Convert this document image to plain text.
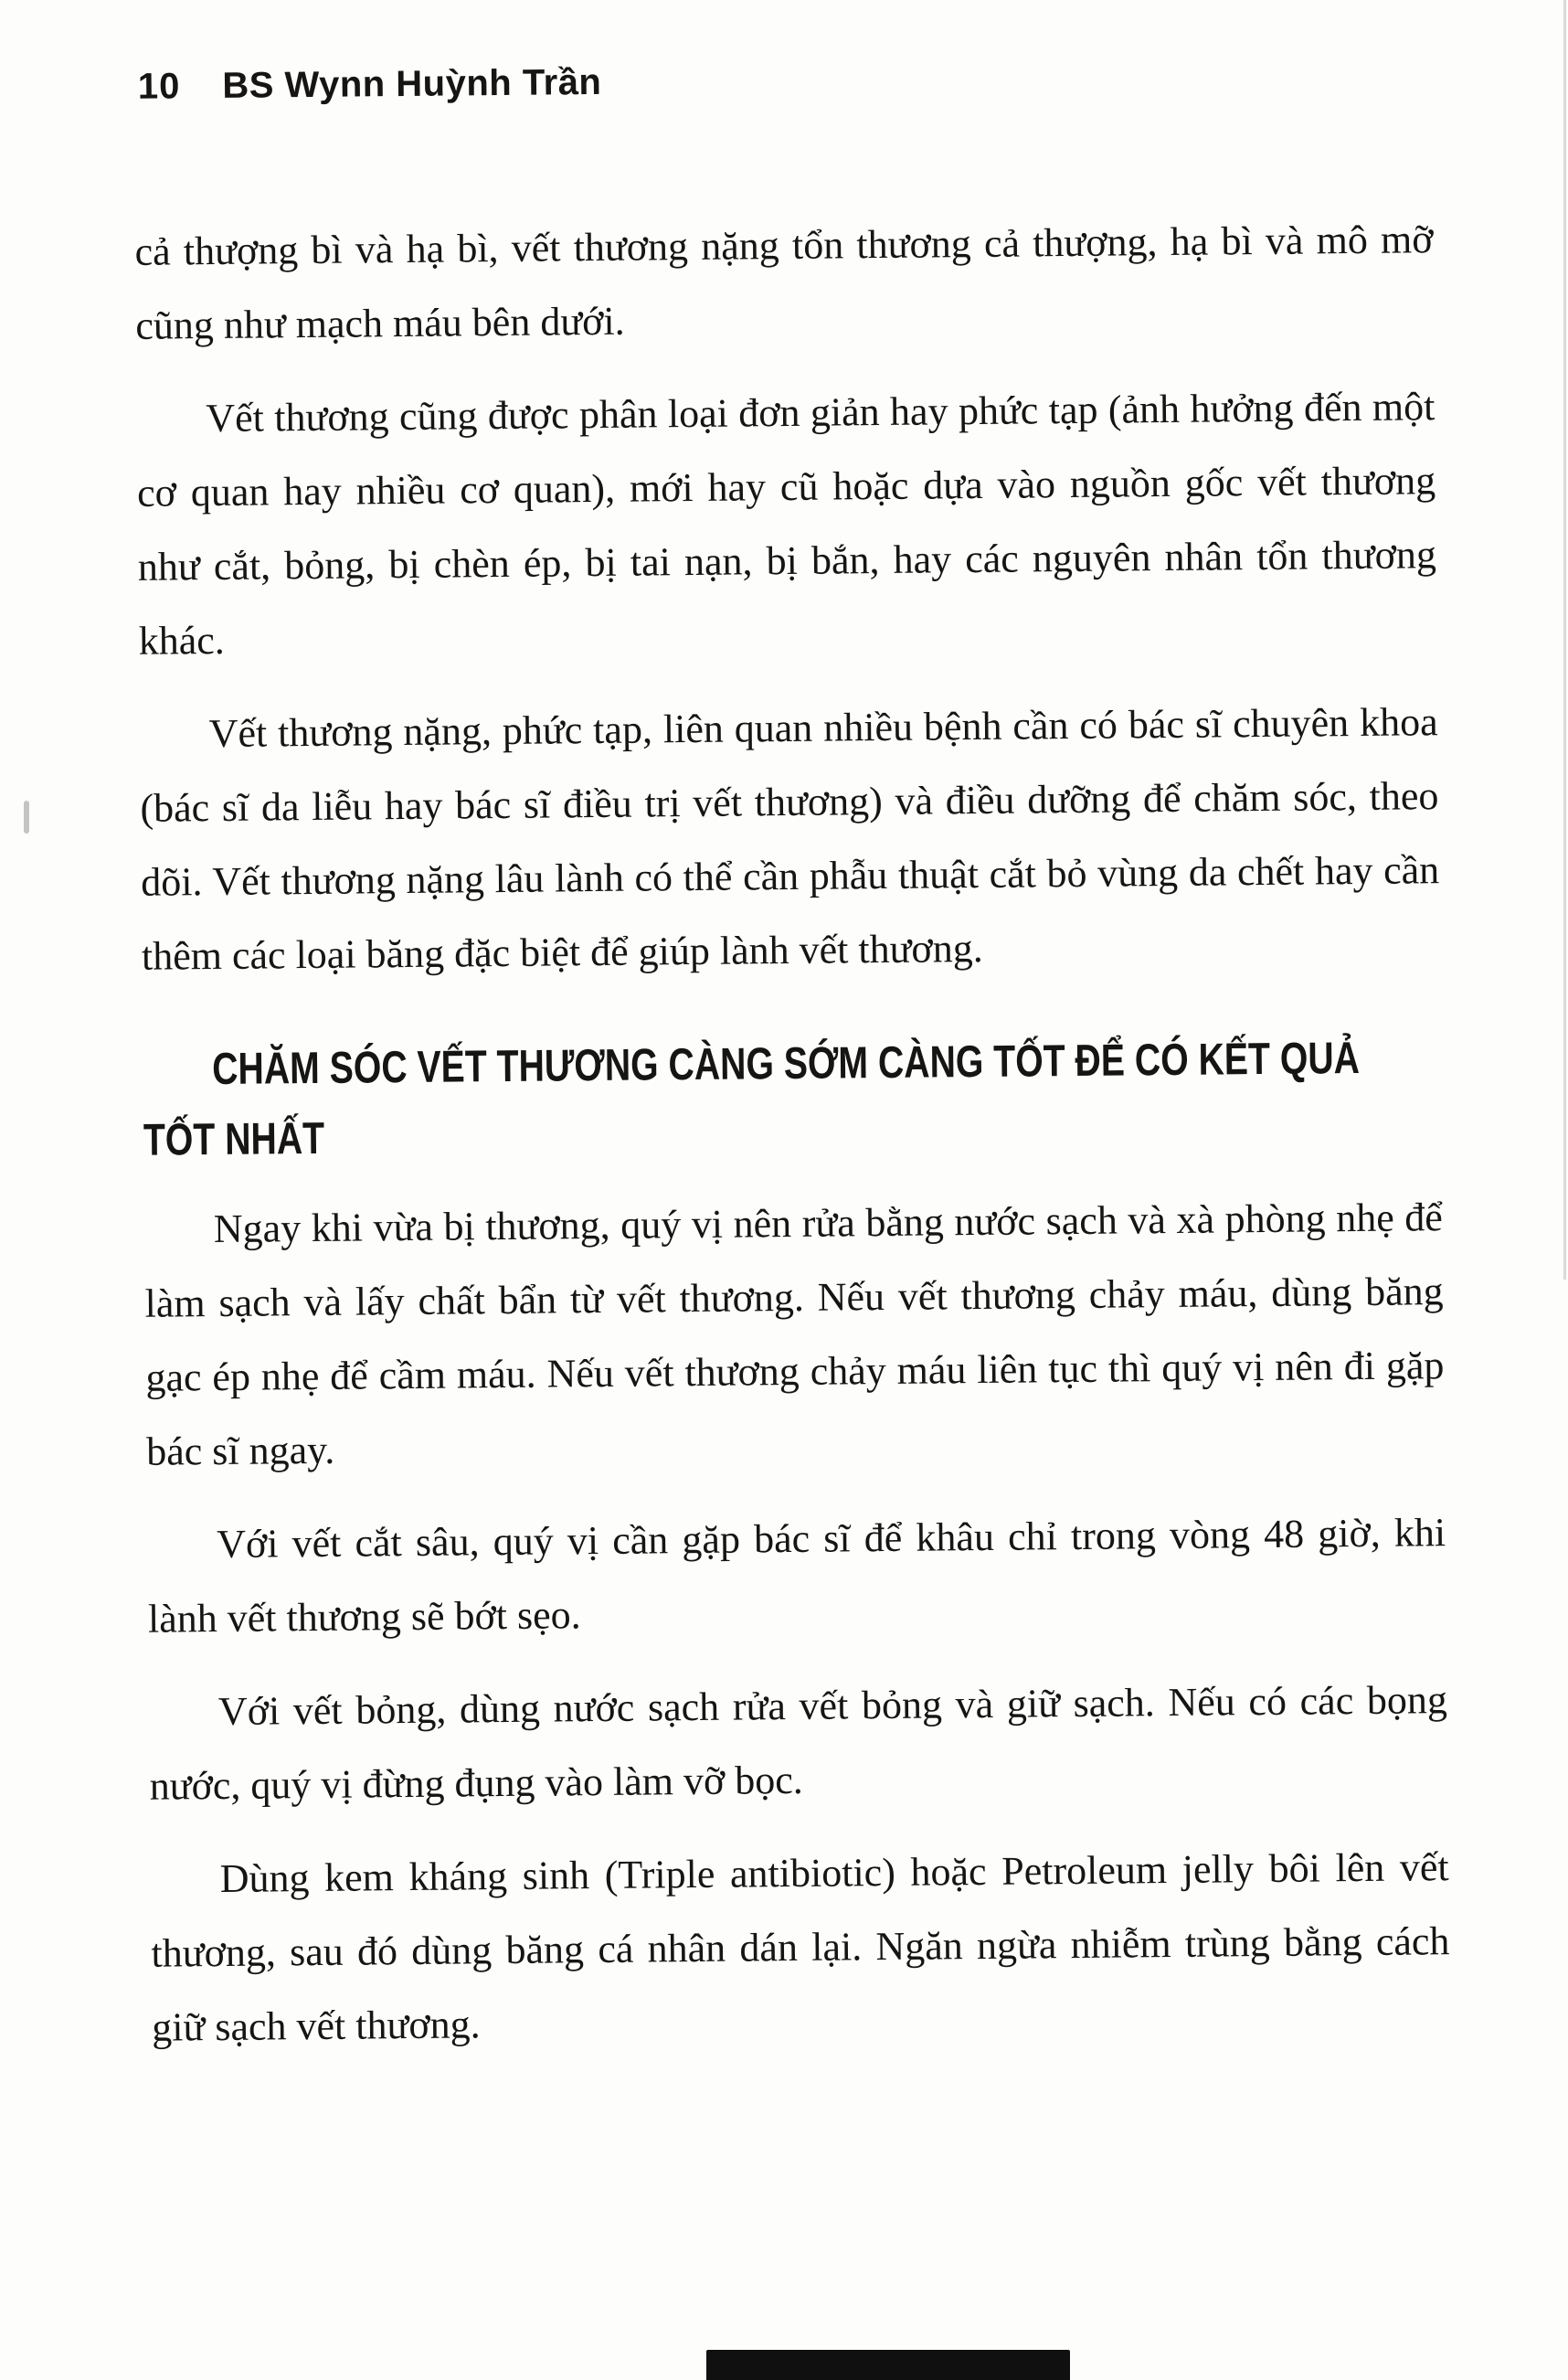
10 BS Wynn Huỳnh Trần

cả thượng bì và hạ bì, vết thương nặng tổn thương cả thượng, hạ bì và mô mỡ cũng như mạch máu bên dưới.

Vết thương cũng được phân loại đơn giản hay phức tạp (ảnh hưởng đến một cơ quan hay nhiều cơ quan), mới hay cũ hoặc dựa vào nguồn gốc vết thương như cắt, bỏng, bị chèn ép, bị tai nạn, bị bắn, hay các nguyên nhân tổn thương khác.

Vết thương nặng, phức tạp, liên quan nhiều bệnh cần có bác sĩ chuyên khoa (bác sĩ da liễu hay bác sĩ điều trị vết thương) và điều dưỡng để chăm sóc, theo dõi. Vết thương nặng lâu lành có thể cần phẫu thuật cắt bỏ vùng da chết hay cần thêm các loại băng đặc biệt để giúp lành vết thương.

CHĂM SÓC VẾT THƯƠNG CÀNG SỚM CÀNG TỐT ĐỂ CÓ KẾT QUẢ TỐT NHẤT

Ngay khi vừa bị thương, quý vị nên rửa bằng nước sạch và xà phòng nhẹ để làm sạch và lấy chất bẩn từ vết thương. Nếu vết thương chảy máu, dùng băng gạc ép nhẹ để cầm máu. Nếu vết thương chảy máu liên tục thì quý vị nên đi gặp bác sĩ ngay.

Với vết cắt sâu, quý vị cần gặp bác sĩ để khâu chỉ trong vòng 48 giờ, khi lành vết thương sẽ bớt sẹo.

Với vết bỏng, dùng nước sạch rửa vết bỏng và giữ sạch. Nếu có các bọng nước, quý vị đừng đụng vào làm vỡ bọc.

Dùng kem kháng sinh (Triple antibiotic) hoặc Petroleum jelly bôi lên vết thương, sau đó dùng băng cá nhân dán lại. Ngăn ngừa nhiễm trùng bằng cách giữ sạch vết thương.
